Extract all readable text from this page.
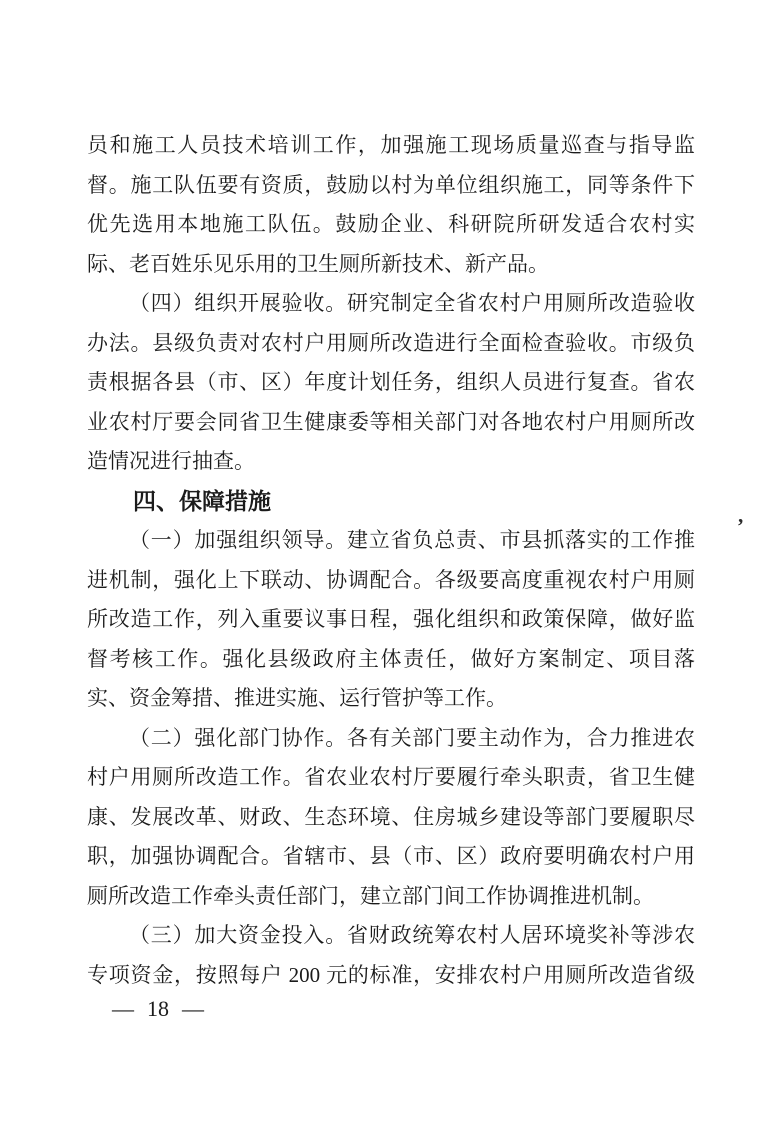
员和施工人员技术培训工作，加强施工现场质量巡查与指导监
督。施工队伍要有资质，鼓励以村为单位组织施工，同等条件下
优先选用本地施工队伍。鼓励企业、科研院所研发适合农村实
际、老百姓乐见乐用的卫生厕所新技术、新产品。
（四）组织开展验收。研究制定全省农村户用厕所改造验收
办法。县级负责对农村户用厕所改造进行全面检查验收。市级负
责根据各县（市、区）年度计划任务，组织人员进行复查。省农
业农村厅要会同省卫生健康委等相关部门对各地农村户用厕所改
造情况进行抽查。
四、保障措施
（一）加强组织领导。建立省负总责、市县抓落实的工作推
进机制，强化上下联动、协调配合。各级要高度重视农村户用厕
所改造工作，列入重要议事日程，强化组织和政策保障，做好监
督考核工作。强化县级政府主体责任，做好方案制定、项目落
实、资金筹措、推进实施、运行管护等工作。
（二）强化部门协作。各有关部门要主动作为，合力推进农
村户用厕所改造工作。省农业农村厅要履行牵头职责，省卫生健
康、发展改革、财政、生态环境、住房城乡建设等部门要履职尽
职，加强协调配合。省辖市、县（市、区）政府要明确农村户用
厕所改造工作牵头责任部门，建立部门间工作协调推进机制。
（三）加大资金投入。省财政统筹农村人居环境奖补等涉农
专项资金，按照每户 200 元的标准，安排农村户用厕所改造省级
— 18 —
’
